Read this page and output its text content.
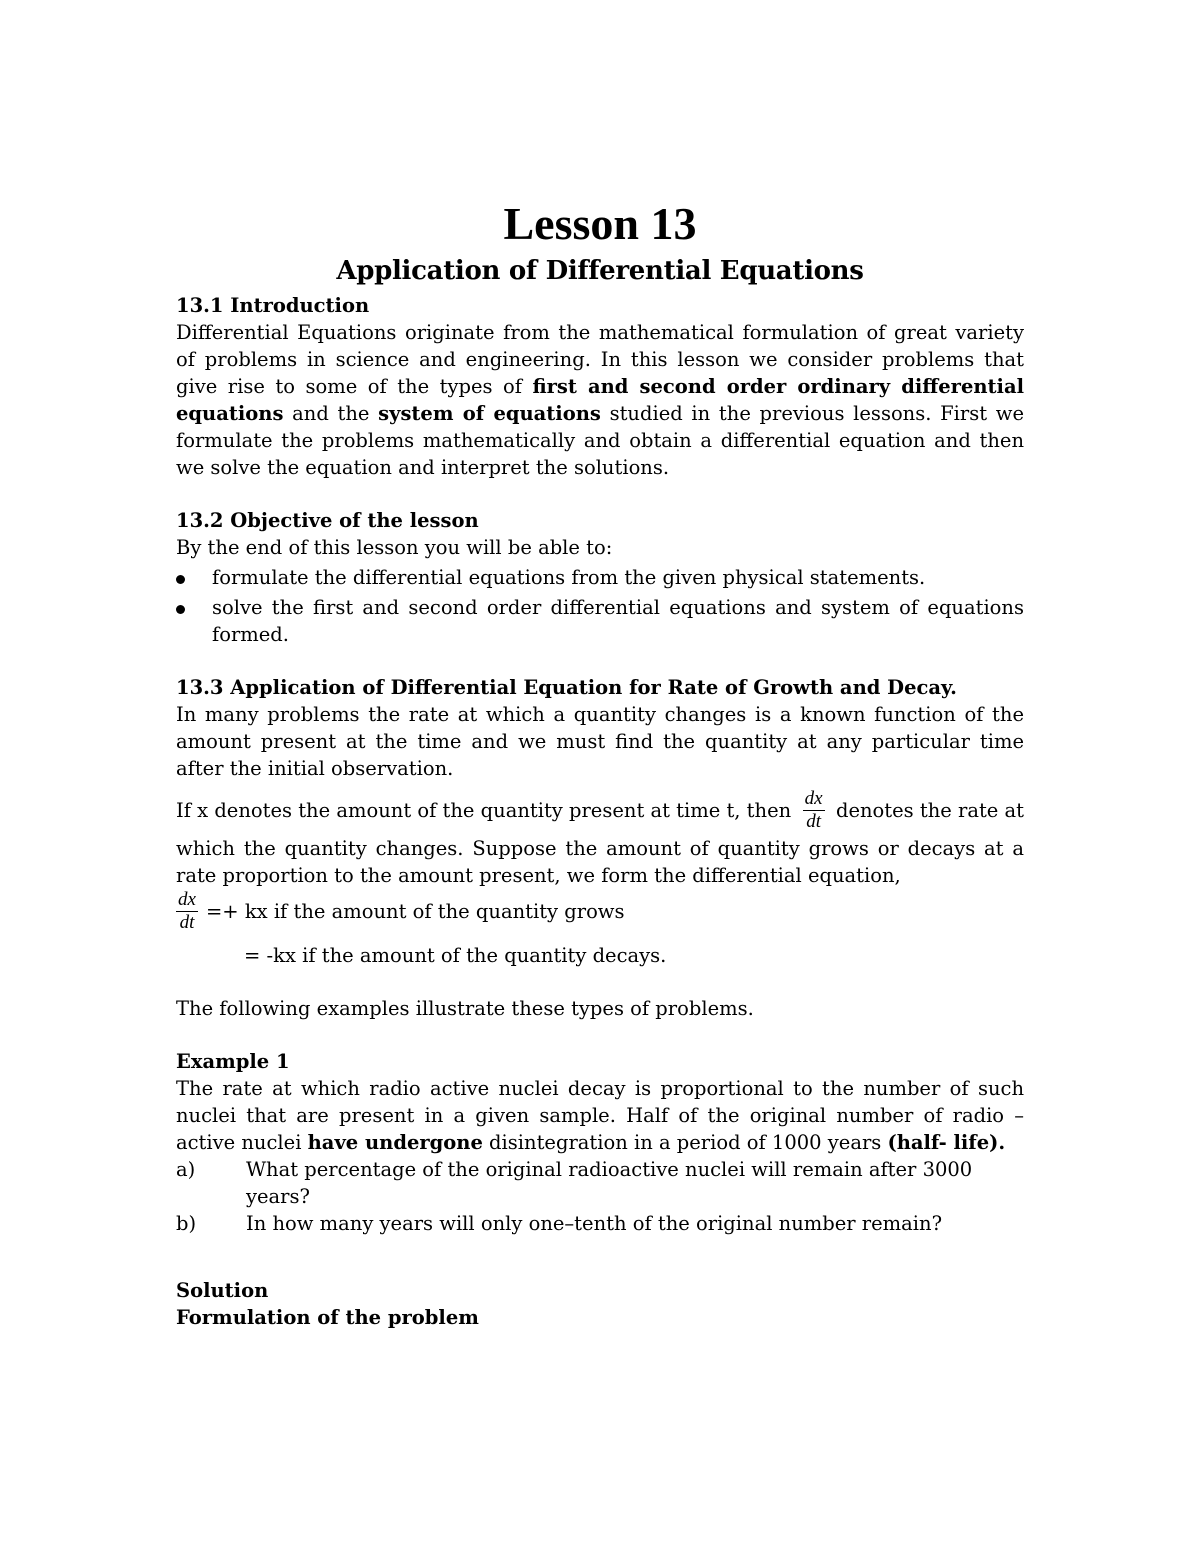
Lesson 13
Application of Differential Equations

13.1 Introduction

Differential Equations originate from the mathematical formulation of great variety of problems in science and engineering. In this lesson we consider problems that give rise to some of the types of first and second order ordinary differential equations and the system of equations studied in the previous lessons. First we formulate the problems mathematically and obtain a differential equation and then we solve the equation and interpret the solutions.

13.2 Objective of the lesson

By the end of this lesson you will be able to:

formulate the differential equations from the given physical statements.
solve the first and second order differential equations and system of equations formed.

13.3 Application of Differential Equation for Rate of Growth and Decay.

In many problems the rate at which a quantity changes is a known function of the amount present at the time and we must find the quantity at any particular time after the initial observation.

If x denotes the amount of the quantity present at time t, then $\frac{dx}{dt}$ denotes the rate at

which the quantity changes. Suppose the amount of quantity grows or decays at a rate proportion to the amount present, we form the differential equation,

$\frac{dx}{dt}$ =+ kx if the amount of the quantity grows

= -kx if the amount of the quantity decays.

The following examples illustrate these types of problems.

Example 1

The rate at which radio active nuclei decay is proportional to the number of such nuclei that are present in a given sample. Half of the original number of radio – active nuclei have undergone disintegration in a period of 1000 years (half- life).

a)	What percentage of the original radioactive nuclei will remain after 3000 years?
b)	In how many years will only one–tenth of the original number remain?

Solution

Formulation of the problem
